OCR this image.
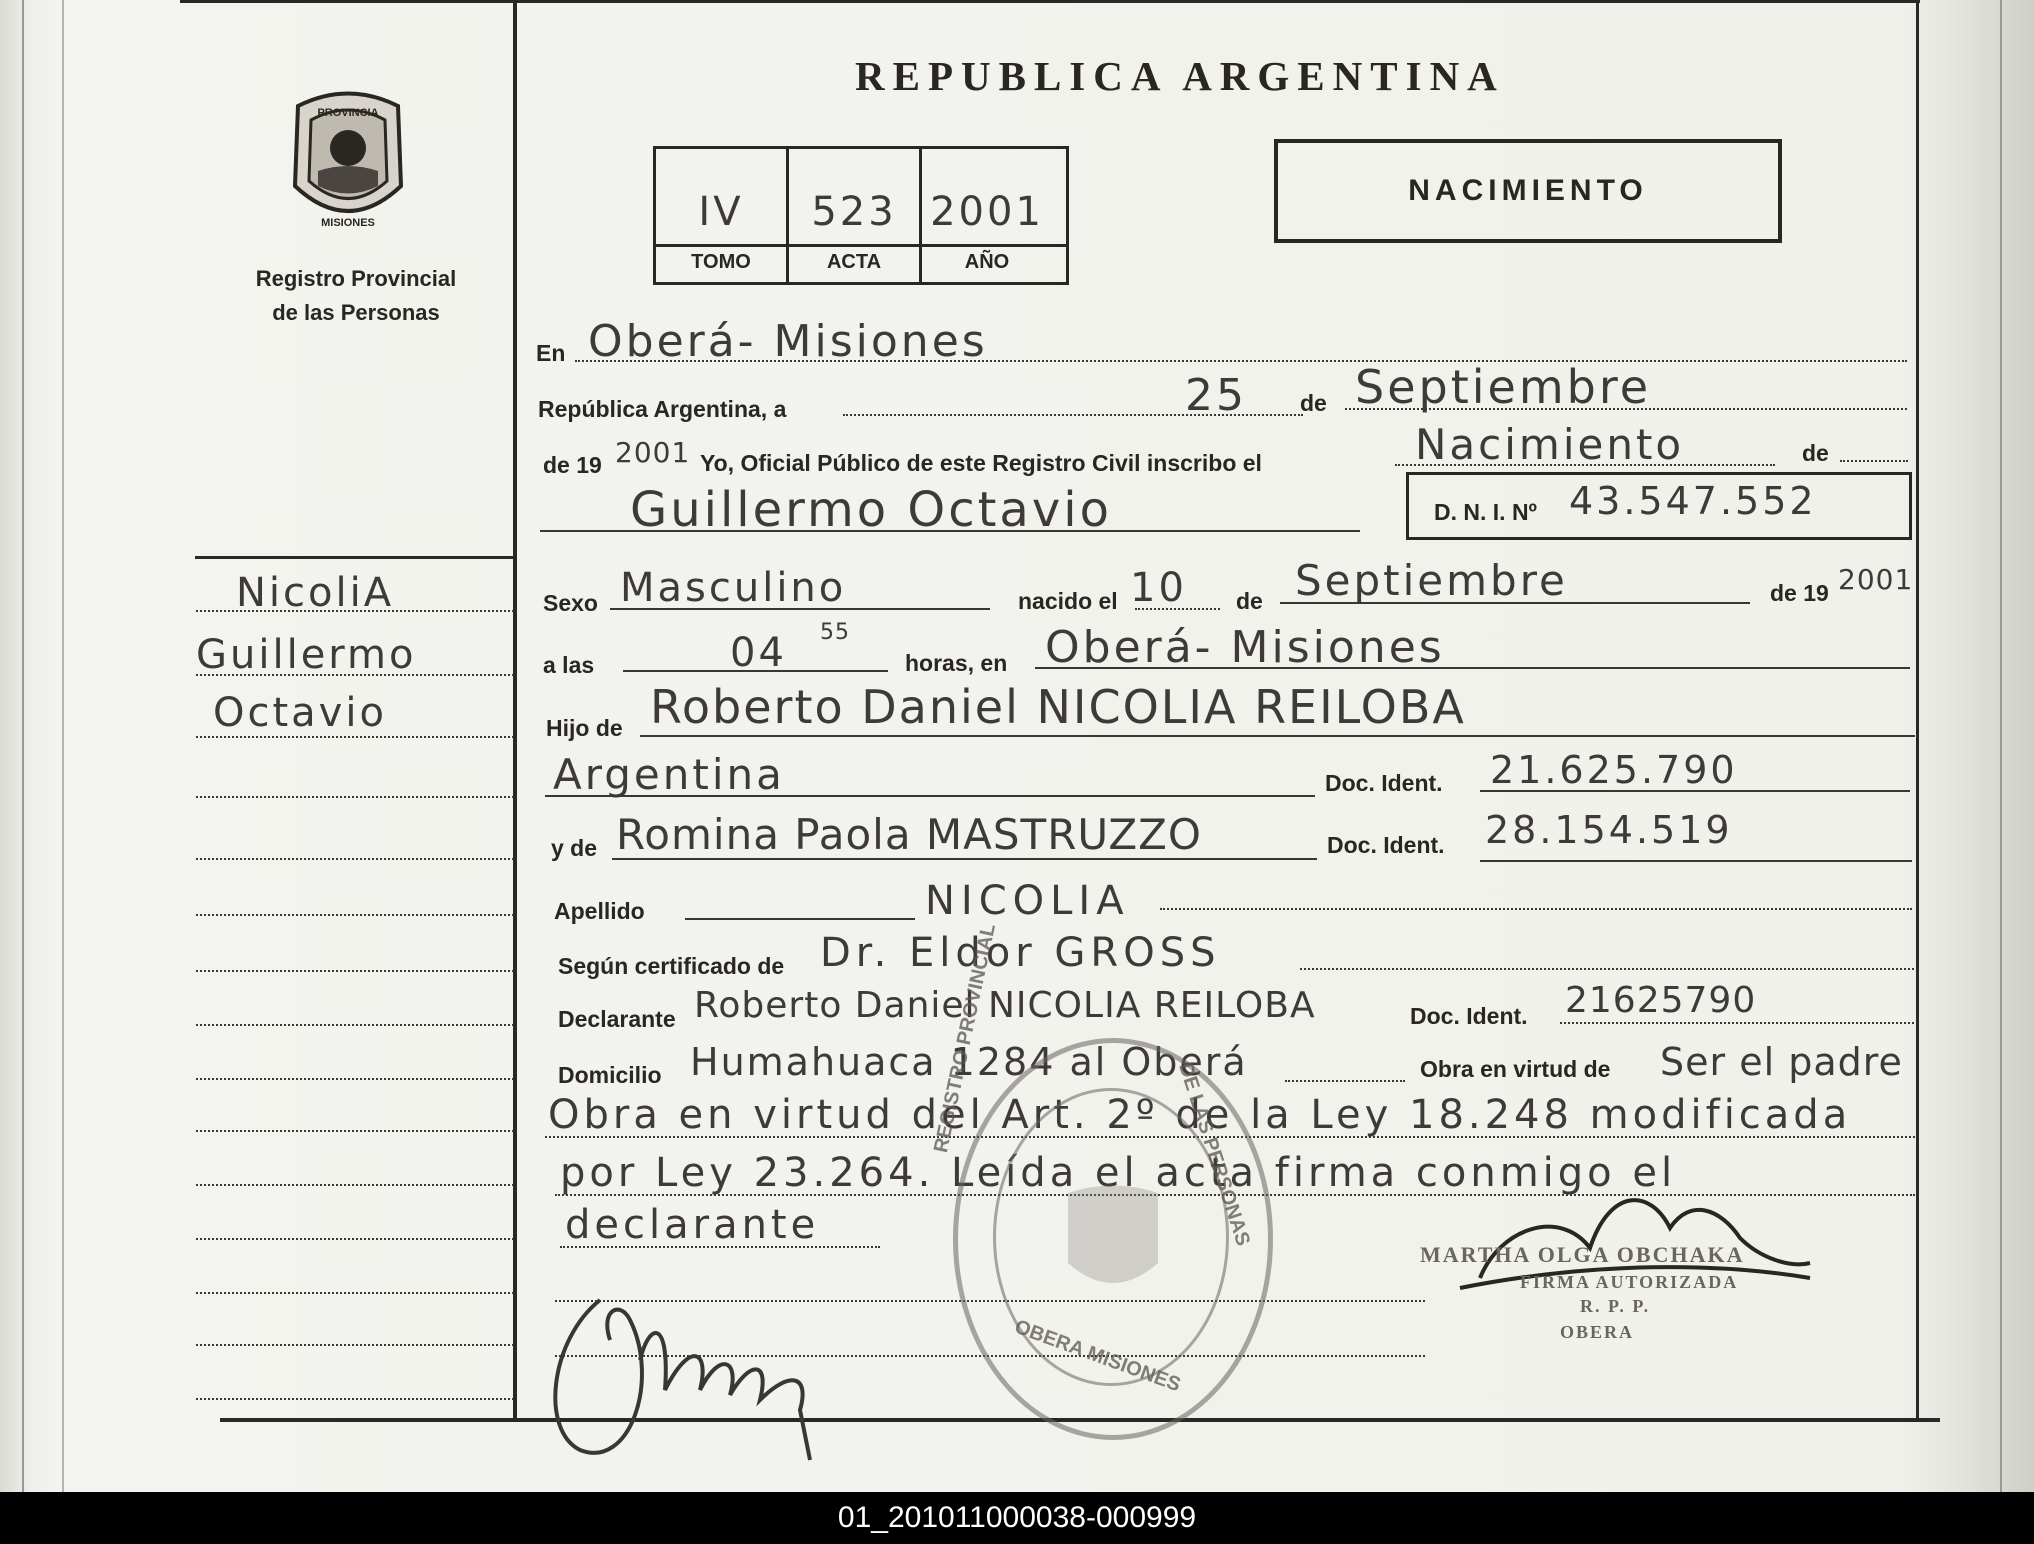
PROVINCIA
MISIONES
Registro Provincial
de las Personas
REPUBLICA ARGENTINA
IV	523 2001
TOMO	ACTA	AÑO
NACIMIENTO
En Oberá- Misiones
República Argentina, a	25 de Septiembre
de 19 2001 Yo, Oficial Público de este Registro Civil inscribo el	Nacimiento	de
Guillermo Octavio	D. N. I. Nº 43.547.552
Sexo Masculino	nacido el 10 de Septiembre	de 19 2001
a las	04 55
horas, en Oberá- Misiones
Hijo de Roberto Daniel NICOLIA REILOBA
Argentina	Doc. Ident. 21.625.790
y de Romina Paola MASTRUZZO	Doc. Ident. 28.154.519
Apellido	NICOLIA
Según certificado de Dr. Eldor GROSS
Declarante Roberto Daniel NICOLIA REILOBA	Doc. Ident. 21625790
Domicilio Humahuaca 1284 al Oberá	Obra en virtud de Ser el padre
Obra en virtud del Art. 2º de la Ley 18.248 modificada
por Ley 23.264. Leída el acta firma conmigo el
declarante
NicoliA
Guillermo
Octavio
REGISTRO PROVINCIAL	DE LAS PERSONAS
OBERA MISIONES
MARTHA OLGA OBCHAKA
FIRMA AUTORIZADA
R. P. P.
OBERA
01_201011000038-000999
